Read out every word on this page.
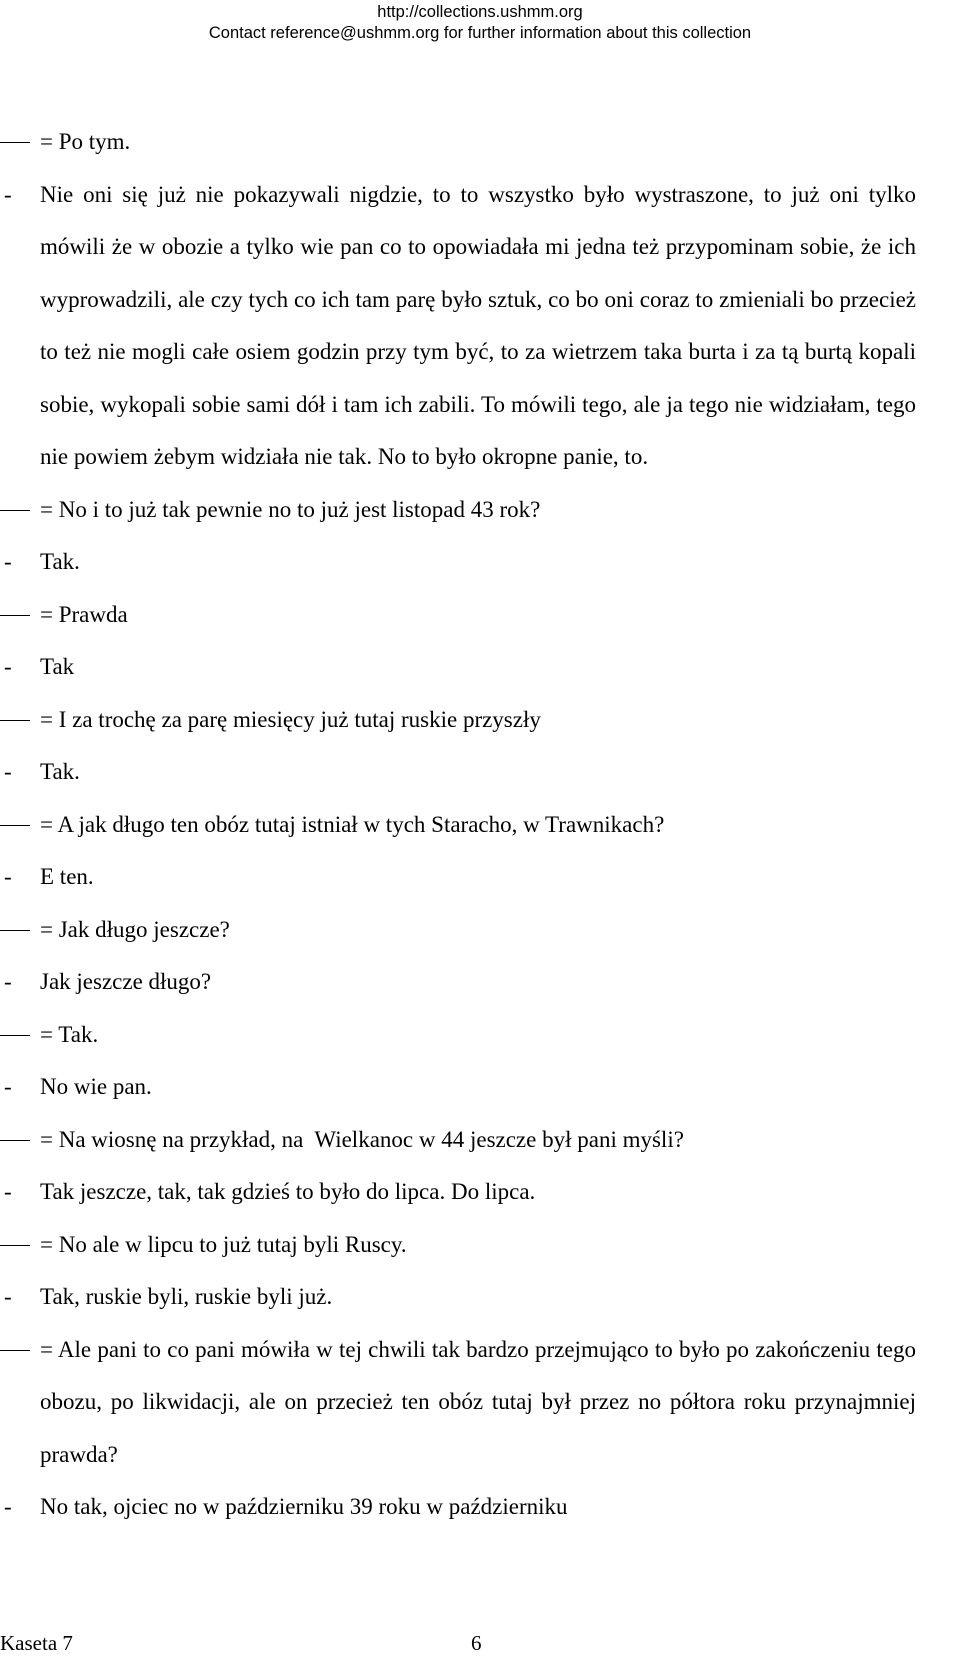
http://collections.ushmm.org
Contact reference@ushmm.org for further information about this collection
= Po tym.
- Nie oni się już nie pokazywali nigdzie, to to wszystko było wystraszone, to już oni tylko mówili że w obozie a tylko wie pan co to opowiadała mi jedna też przypominam sobie, że ich wyprowadzili, ale czy tych co ich tam parę było sztuk, co bo oni coraz to zmieniali bo przecież to też nie mogli całe osiem godzin przy tym być, to za wietrzem taka burta i za tą burtą kopali sobie, wykopali sobie sami dół i tam ich zabili. To mówili tego, ale ja tego nie widziałam, tego nie powiem żebym widziała nie tak. No to było okropne panie, to.
= No i to już tak pewnie no to już jest listopad 43 rok?
- Tak.
= Prawda
- Tak
= I za trochę za parę miesięcy już tutaj ruskie przyszły
- Tak.
= A jak długo ten obóz tutaj istniał w tych Staracho, w Trawnikach?
- E ten.
= Jak długo jeszcze?
- Jak jeszcze długo?
= Tak.
- No wie pan.
= Na wiosnę na przykład, na  Wielkanoc w 44 jeszcze był pani myśli?
- Tak jeszcze, tak, tak gdzieś to było do lipca. Do lipca.
= No ale w lipcu to już tutaj byli Ruscy.
- Tak, ruskie byli, ruskie byli już.
= Ale pani to co pani mówiła w tej chwili tak bardzo przejmująco to było po zakończeniu tego obozu, po likwidacji, ale on przecież ten obóz tutaj był przez no półtora roku przynajmniej prawda?
- No tak, ojciec no w październiku 39 roku w październiku
Kaseta 7	6
